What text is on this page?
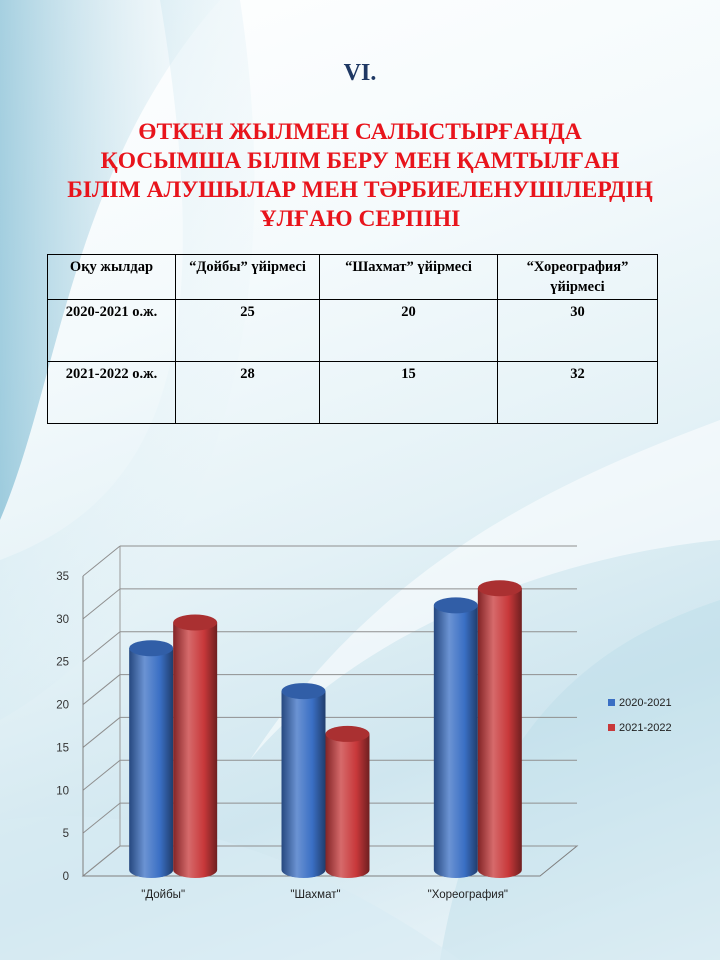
VI.
ӨТКЕН ЖЫЛМЕН САЛЫСТЫРҒАНДА
ҚОСЫМША БІЛІМ БЕРУ МЕН ҚАМТЫЛҒАН
БІЛІМ АЛУШЫЛАР МЕН ТӘРБИЕЛЕНУШІЛЕРДІҢ
ҰЛҒАЮ СЕРПІНІ
Оқу жылдар	“Дойбы” үйірмесі	“Шахмат” үйірмесі	“Хореография” үйірмесі
2020-2021 о.ж.	25	20	30
2021-2022 о.ж.	28	15	32
0
5
10
15
20
25
30
35
"Дойбы"	"Шахмат"	"Хореография"
2020-2021
2021-2022
